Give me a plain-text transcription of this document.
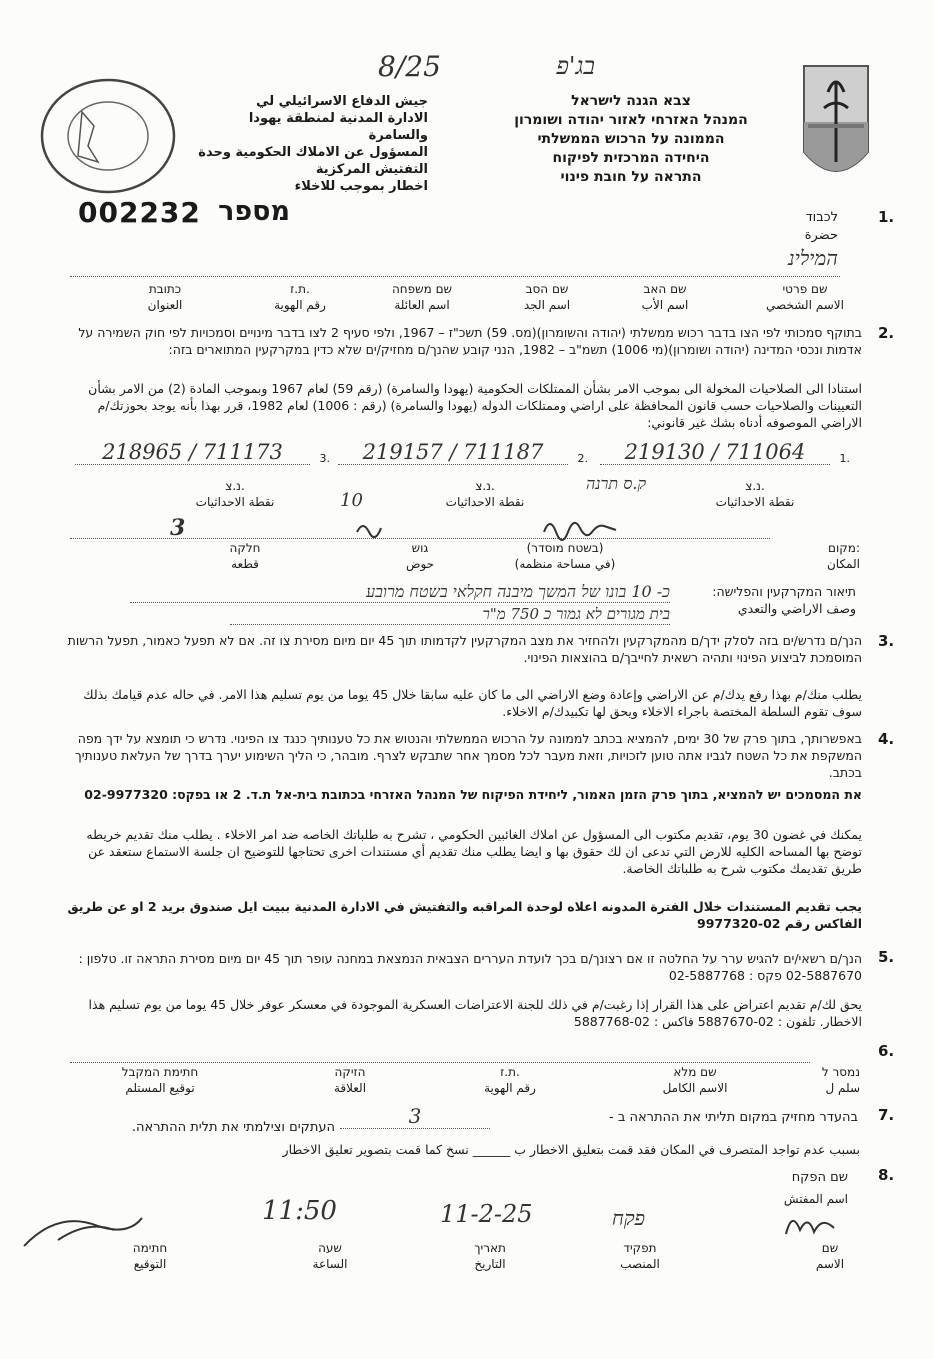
צבא הגנה לישראל
המנהל האזרחי לאזור יהודה ושומרון
הממונה על הרכוש הממשלתי
היחידה המרכזית לפיקוח
התראה על חובת פינוי
جيش الدفاع الاسرائيلي لي
الادارة المدنية لمنطقة يهودا والسامرة
المسؤول عن الاملاك الحكومية وحدة
التفتيش المركزية
اخطار بموجب للاخلاء
8/25	בג'פ
002232 מספר	1.
לכבוד
حضرة
המילינ
שם פרטי
الاسم الشخصي
שם האב
اسم الأب
שם הסב
اسم الجد
שם משפחה
اسم العائلة
ת.ז.
رقم الهوية
כתובת
العنوان
2.
בתוקף סמכותי לפי הצו בדבר רכוש ממשלתי (יהודה והשומרון)(מס. 59) תשכ"ז – 1967, ולפי סעיף 2 לצו בדבר מינויים וסמכויות לפי חוק השמירה על אדמות ונכסי המדינה (יהודה ושומרון)(מי 1006) תשמ"ב – 1982, הנני קובע שהנך/ם מחזיק/ים שלא כדין במקרקעין המתוארים בזה:
استنادا الى الصلاحيات المخولة الى بموجب الامر بشأن الممتلكات الحكومية (يهودا والسامرة) (رقم 59) لعام 1967 وبموجب المادة (2) من الامر بشأن التعيينات والصلاحيات حسب قانون المحافظة على اراضي وممتلكات الدوله (يهودا والسامرة) (رقم : 1006) لعام 1982، قرر بهذا بأنه يوجد بحوزتك/م الاراضي الموصوفه أدناه بشك غير قانوني:
1.
219130 / 711064
2.
219157 / 711187
3.
218965 / 711173
נ.צ.
نقطة الاحداثيات
נ.צ.
نقطة الاحداثيات
נ.צ.
نقطة الاحداثيات
ק.ס תרנה
10
3
מקום:
المكان
(בשטח מוסדר)
(في مساحة منظمه)
גוש
حوض
חלקה
قطعه
תיאור המקרקעין והפלישה:
وصف الاراضي والتعدي
כ- 10 בונו של המשך מיבנה חקלאי בשטח מרובע
בית מגורים לא גמור כ 750 מ"ר
3.
הנך/ם נדרש/ים בזה לסלק ידך/ם מהמקרקעין ולהחזיר את מצב המקרקעין לקדמותו תוך 45 יום מיום מסירת צו זה. אם לא תפעל כאמור, תפעל הרשות המוסמכת לביצוע הפינוי ותהיה רשאית לחייבך/ם בהוצאות הפינוי.
يطلب منك/م بهذا رفع يدك/م عن الاراضي وإعادة وضع الاراضي الى ما كان عليه سابقا خلال 45 يوما من يوم تسليم هذا الامر. في حاله عدم قيامك بذلك سوف تقوم السلطة المختصة باجراء الاخلاء ويحق لها تكبيدك/م الاخلاء.
4.
באפשרותך, בתוך פרק של 30 ימים, להמציא בכתב לממונה על הרכוש הממשלתי והנטוש את כל טענותיך כנגד צו הפינוי. נדרש כי תומצא על ידך מפה המשקפת את כל השטח לגביו אתה טוען לזכויות, וזאת מעבר לכל מסמך אחר שתבקש לצרף. מובהר, כי הליך השימוע יערך בדרך של העלאת טענותיך בכתב.
את המסמכים יש להמציא, בתוך פרק הזמן האמור, ליחידת הפיקוח של המנהל האזרחי בכתובת בית-אל ת.ד. 2 או בפקס: 02-9977320
يمكنك في غضون 30 يوم، تقديم مكتوب الى المسؤول عن املاك الغائبين الحكومي ، تشرح به طلباتك الخاصه ضد امر الاخلاء . يطلب منك تقديم خريطه توضح بها المساحه الكليه للارض التي تدعى ان لك حقوق بها و ايضا يطلب منك تقديم أي مستندات اخرى تحتاجها للتوضيح ان جلسة الاستماع ستعقد عن طريق تقديمك مكتوب شرح به طلباتك الخاصة.
يجب تقديم المستندات خلال الفترة المدونه اعلاه لوحدة المراقبه والتفتيش في الادارة المدنية ببيت ايل صندوق بريد 2 او عن طريق الفاكس رقم 02-9977320
5.
הנך/ם רשאי/ים להגיש ערר על החלטה זו אם רצונך/ם בכך לועדת העררים הצבאית הנמצאת במחנה עופר תוך 45 יום מיום מסירת התראה זו. טלפון : 02-5887670 פקס : 02-5887768
يحق لك/م تقديم اعتراض على هذا القرار إذا رغبت/م في ذلك للجنة الاعتراضات العسكرية الموجودة في معسكر عوفر خلال 45 يوما من يوم تسليم هذا الاخطار. تلفون : 02-5887670 فاكس : 02-5887768
6.
נמסר ל
سلم ل
שם מלא
الاسم الكامل
ת.ז.
رقم الهوية
הזיקה
العلاقة
חתימת המקבל
توقيع المستلم
7.
בהעדר מחזיק במקום תליתי את ההתראה ב -
3
העתקים וצילמתי את תלית ההתראה.
بسبب عدم تواجد المتصرف في المكان فقد قمت بتعليق الاخطار ب ______ نسخ كما قمت بتصوير تعليق الاخطار
8.
שם הפקח
اسم المفتش
פקח
11-2-25
11:50
שם
الاسم
תפקיד
المنصب
תאריך
التاريخ
שעה
الساعة
חתימה
التوقيع
